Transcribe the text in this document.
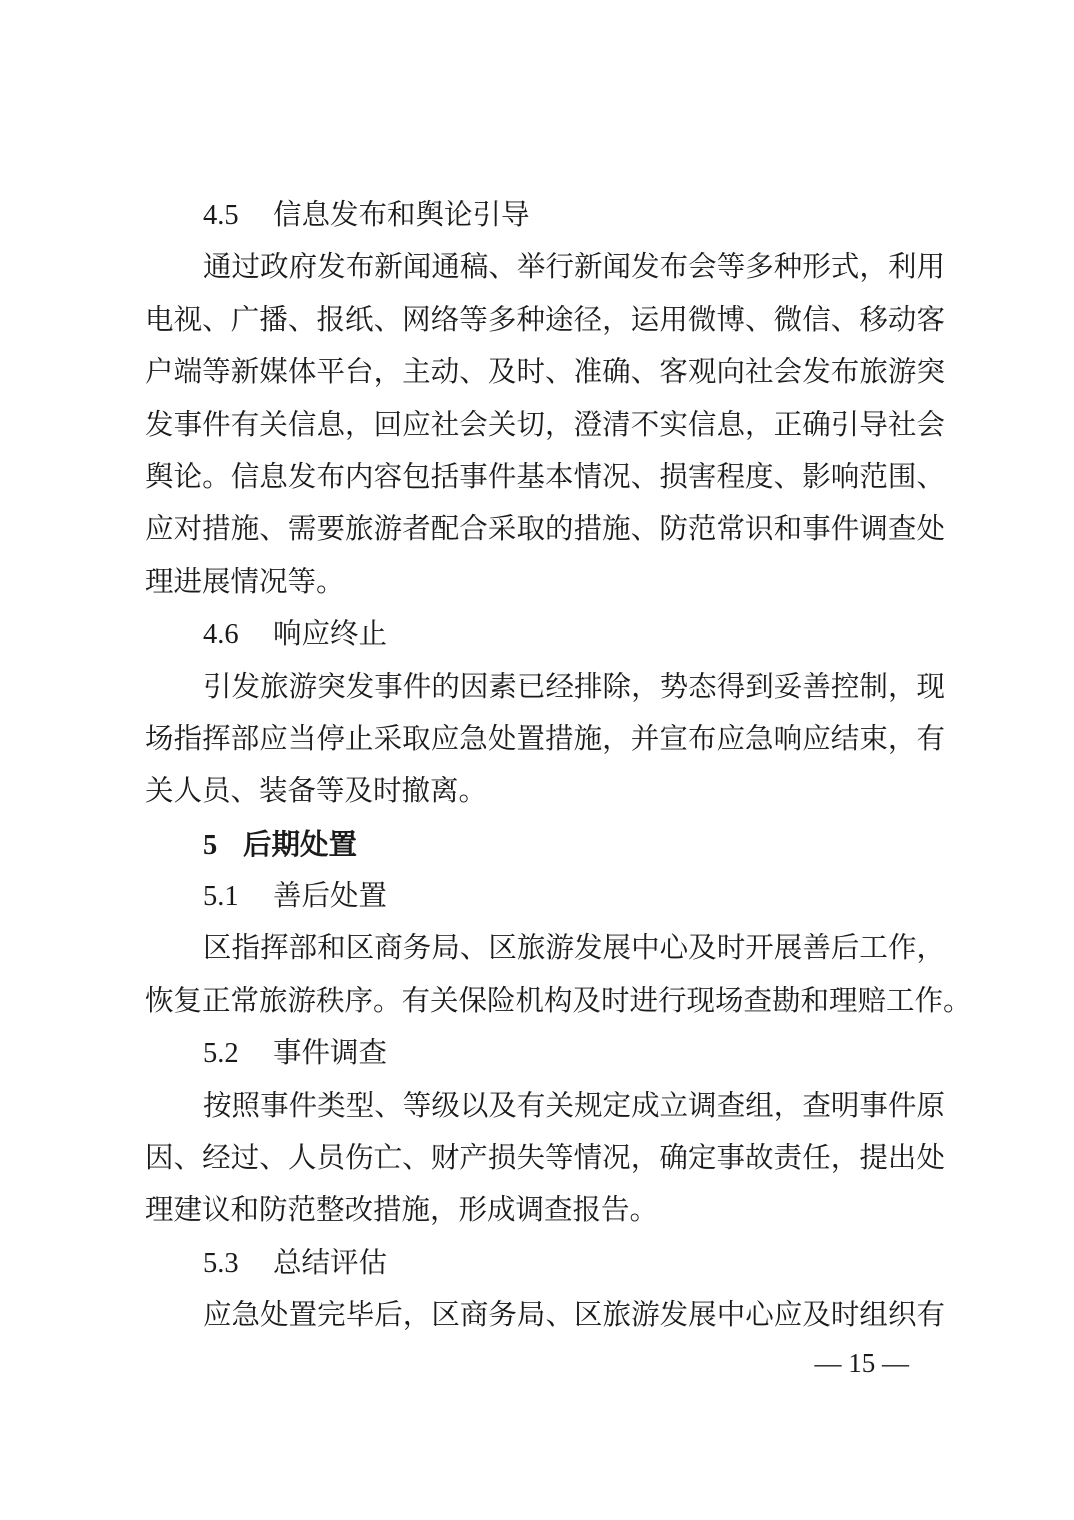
4.5 信息发布和舆论引导
通过政府发布新闻通稿、举行新闻发布会等多种形式，利用
电视、广播、报纸、网络等多种途径，运用微博、微信、移动客
户端等新媒体平台，主动、及时、准确、客观向社会发布旅游突
发事件有关信息，回应社会关切，澄清不实信息，正确引导社会
舆论。信息发布内容包括事件基本情况、损害程度、影响范围、
应对措施、需要旅游者配合采取的措施、防范常识和事件调查处
理进展情况等。
4.6 响应终止
引发旅游突发事件的因素已经排除，势态得到妥善控制，现
场指挥部应当停止采取应急处置措施，并宣布应急响应结束，有
关人员、装备等及时撤离。
5 后期处置
5.1 善后处置
区指挥部和区商务局、区旅游发展中心及时开展善后工作，
恢复正常旅游秩序。有关保险机构及时进行现场查勘和理赔工作。
5.2 事件调查
按照事件类型、等级以及有关规定成立调查组，查明事件原
因、经过、人员伤亡、财产损失等情况，确定事故责任，提出处
理建议和防范整改措施，形成调查报告。
5.3 总结评估
应急处置完毕后，区商务局、区旅游发展中心应及时组织有
— 15 —
